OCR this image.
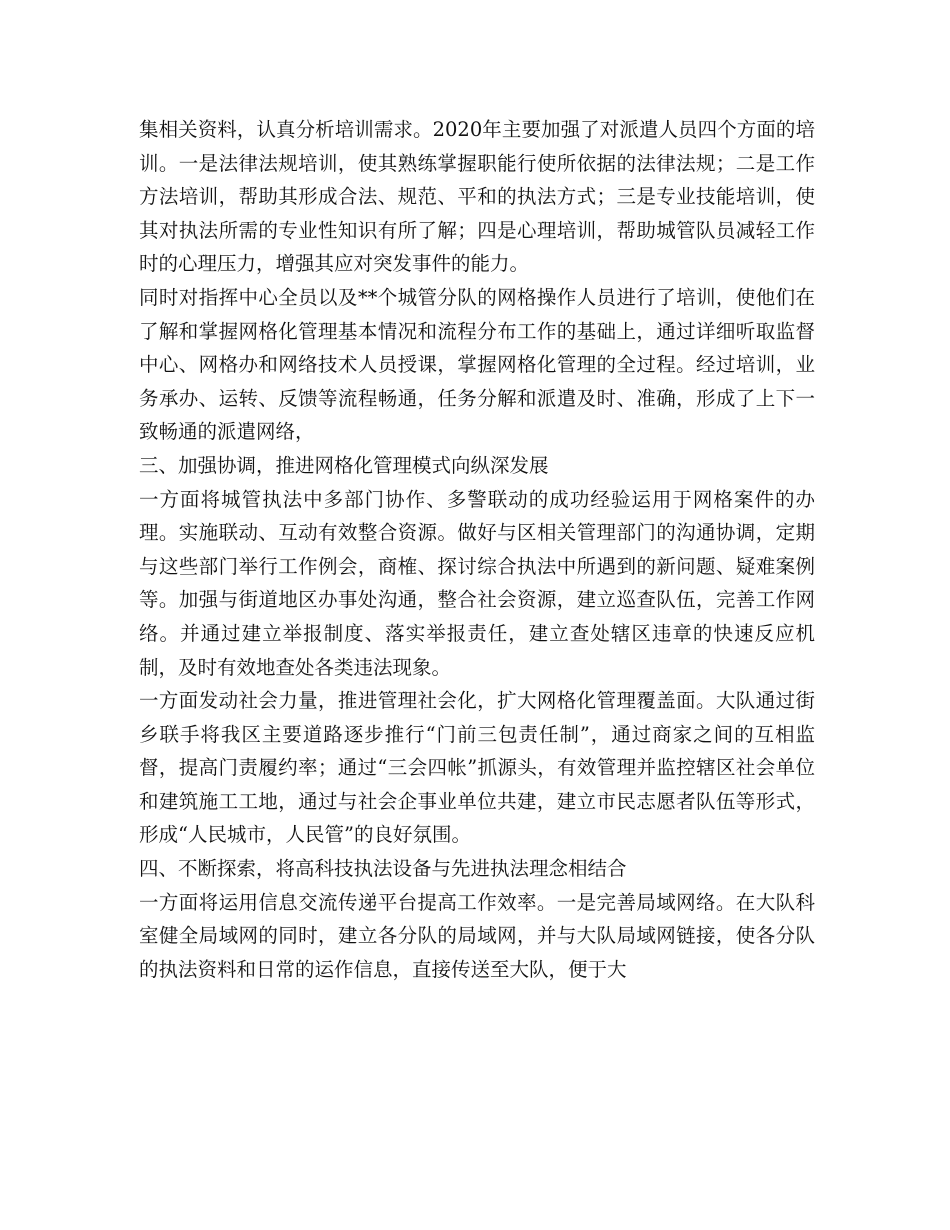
集相关资料，认真分析培训需求。2020年主要加强了对派遣人员四个方面的培训。一是法律法规培训，使其熟练掌握职能行使所依据的法律法规；二是工作方法培训，帮助其形成合法、规范、平和的执法方式；三是专业技能培训，使其对执法所需的专业性知识有所了解；四是心理培训，帮助城管队员减轻工作时的心理压力，增强其应对突发事件的能力。

同时对指挥中心全员以及**个城管分队的网格操作人员进行了培训，使他们在了解和掌握网格化管理基本情况和流程分布工作的基础上，通过详细听取监督中心、网格办和网络技术人员授课，掌握网格化管理的全过程。经过培训，业务承办、运转、反馈等流程畅通，任务分解和派遣及时、准确，形成了上下一致畅通的派遣网络，

三、加强协调，推进网格化管理模式向纵深发展

一方面将城管执法中多部门协作、多警联动的成功经验运用于网格案件的办理。实施联动、互动有效整合资源。做好与区相关管理部门的沟通协调，定期与这些部门举行工作例会，商榷、探讨综合执法中所遇到的新问题、疑难案例等。加强与街道地区办事处沟通，整合社会资源，建立巡查队伍，完善工作网络。并通过建立举报制度、落实举报责任，建立查处辖区违章的快速反应机制，及时有效地查处各类违法现象。

一方面发动社会力量，推进管理社会化，扩大网格化管理覆盖面。大队通过街乡联手将我区主要道路逐步推行“门前三包责任制”，通过商家之间的互相监督，提高门责履约率；通过“三会四帐”抓源头，有效管理并监控辖区社会单位和建筑施工工地，通过与社会企事业单位共建，建立市民志愿者队伍等形式，形成“人民城市，人民管”的良好氛围。

四、不断探索，将高科技执法设备与先进执法理念相结合

一方面将运用信息交流传递平台提高工作效率。一是完善局域网络。在大队科室健全局域网的同时，建立各分队的局域网，并与大队局域网链接，使各分队的执法资料和日常的运作信息，直接传送至大队，便于大
